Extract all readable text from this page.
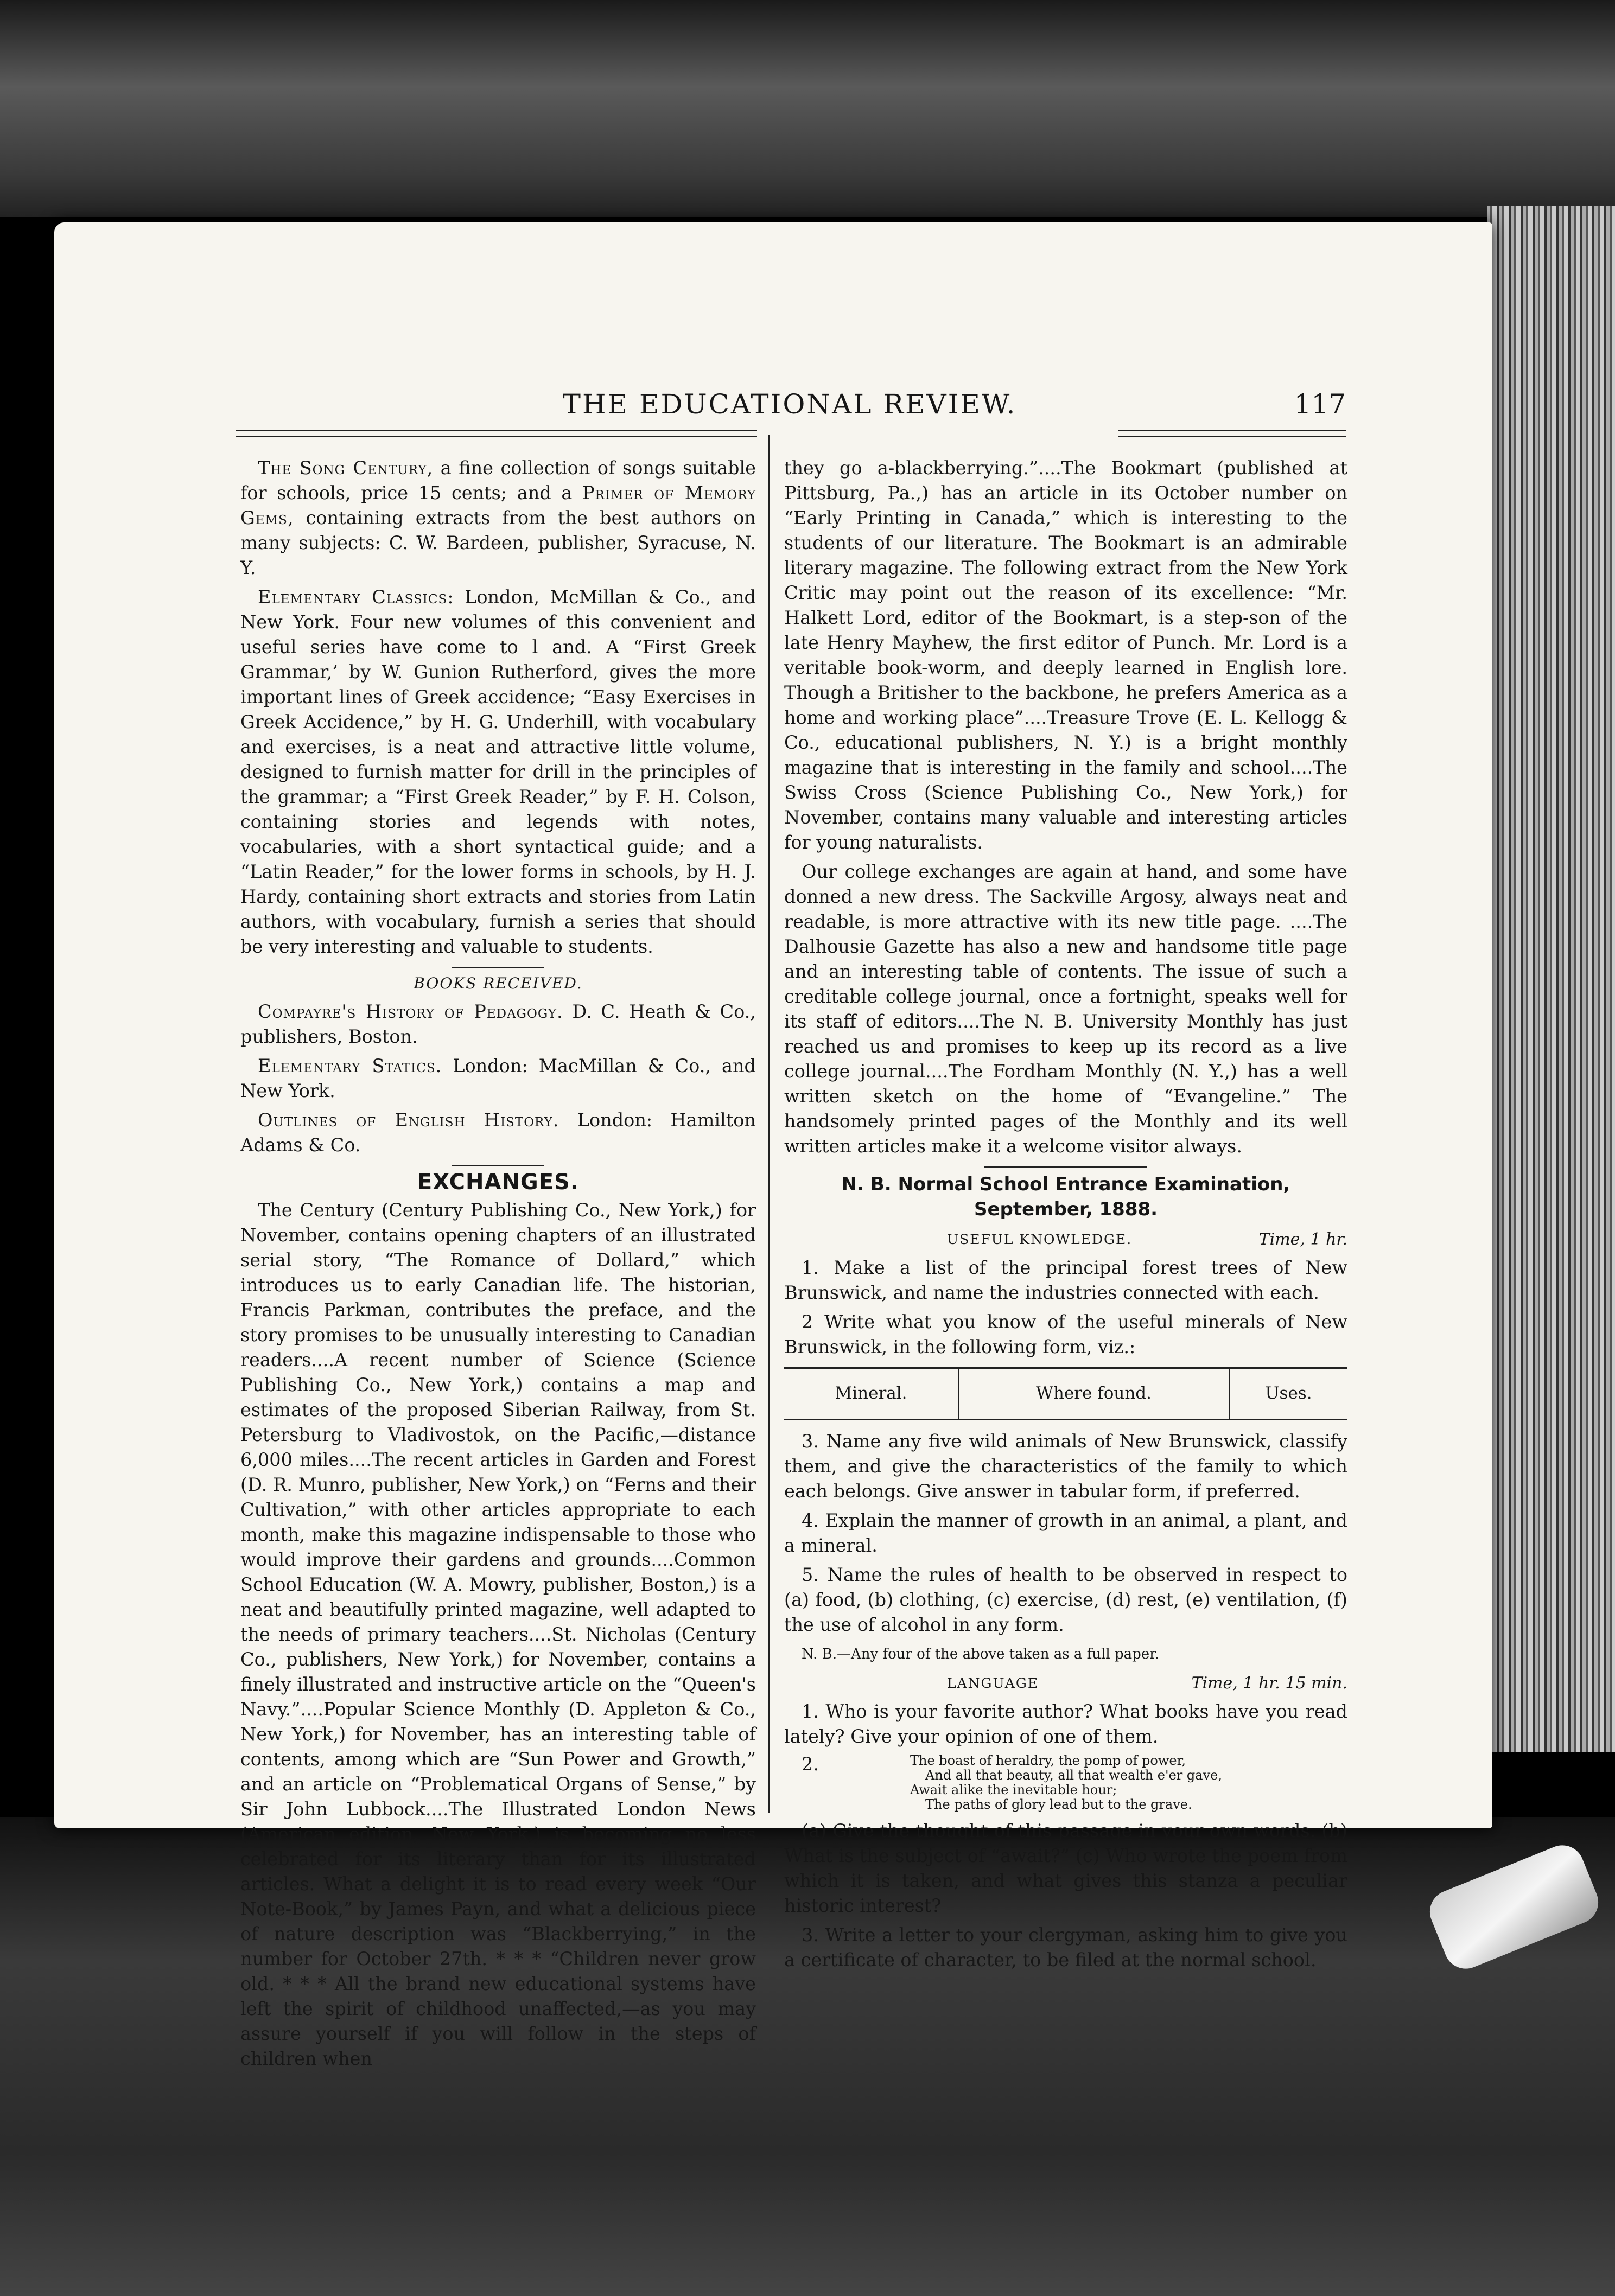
THE EDUCATIONAL REVIEW.	117

The Song Century, a fine collection of songs suitable for schools, price 15 cents; and a Primer of Memory Gems, containing extracts from the best authors on many subjects: C. W. Bardeen, publisher, Syracuse, N. Y.

Elementary Classics: London, McMillan & Co., and New York. Four new volumes of this convenient and useful series have come to l and. A “First Greek Grammar,’ by W. Gunion Rutherford, gives the more important lines of Greek accidence; “Easy Exercises in Greek Accidence,” by H. G. Underhill, with vocabulary and exercises, is a neat and attractive little volume, designed to furnish matter for drill in the principles of the grammar; a “First Greek Reader,” by F. H. Colson, containing stories and legends with notes, vocabularies, with a short syntactical guide; and a “Latin Reader,” for the lower forms in schools, by H. J. Hardy, containing short extracts and stories from Latin authors, with vocabulary, furnish a series that should be very interesting and valuable to students.

BOOKS RECEIVED.

Compayre's History of Pedagogy. D. C. Heath & Co., publishers, Boston.

Elementary Statics. London: MacMillan & Co., and New York.

Outlines of English History. London: Hamilton Adams & Co.

EXCHANGES.

The Century (Century Publishing Co., New York,) for November, contains opening chapters of an illustrated serial story, “The Romance of Dollard,” which introduces us to early Canadian life. The historian, Francis Parkman, contributes the preface, and the story promises to be unusually interesting to Canadian readers....A recent number of Science (Science Publishing Co., New York,) contains a map and estimates of the proposed Siberian Railway, from St. Petersburg to Vladivostok, on the Pacific,—distance 6,000 miles....The recent articles in Garden and Forest (D. R. Munro, publisher, New York,) on “Ferns and their Cultivation,” with other articles appropriate to each month, make this magazine indispensable to those who would improve their gardens and grounds....Common School Education (W. A. Mowry, publisher, Boston,) is a neat and beautifully printed magazine, well adapted to the needs of primary teachers....St. Nicholas (Century Co., publishers, New York,) for November, contains a finely illustrated and instructive article on the “Queen's Navy.”....Popular Science Monthly (D. Appleton & Co., New York,) for November, has an interesting table of contents, among which are “Sun Power and Growth,” and an article on “Problematical Organs of Sense,” by Sir John Lubbock....The Illustrated London News (American edition, New York,) is becoming no less celebrated for its literary than for its illustrated articles. What a delight it is to read every week “Our Note-Book,” by James Payn, and what a delicious piece of nature description was “Blackberrying,” in the number for October 27th. * * * “Children never grow old. * * * All the brand new educational systems have left the spirit of childhood unaffected,—as you may assure yourself if you will follow in the steps of children when

they go a-blackberrying.”....The Bookmart (published at Pittsburg, Pa.,) has an article in its October number on “Early Printing in Canada,” which is interesting to the students of our literature. The Bookmart is an admirable literary magazine. The following extract from the New York Critic may point out the reason of its excellence: “Mr. Halkett Lord, editor of the Bookmart, is a step-son of the late Henry Mayhew, the first editor of Punch. Mr. Lord is a veritable book-worm, and deeply learned in English lore. Though a Britisher to the backbone, he prefers America as a home and working place”....Treasure Trove (E. L. Kellogg & Co., educational publishers, N. Y.) is a bright monthly magazine that is interesting in the family and school....The Swiss Cross (Science Publishing Co., New York,) for November, contains many valuable and interesting articles for young naturalists.

Our college exchanges are again at hand, and some have donned a new dress. The Sackville Argosy, always neat and readable, is more attractive with its new title page. ....The Dalhousie Gazette has also a new and handsome title page and an interesting table of contents. The issue of such a creditable college journal, once a fortnight, speaks well for its staff of editors....The N. B. University Monthly has just reached us and promises to keep up its record as a live college journal....The Fordham Monthly (N. Y.,) has a well written sketch on the home of “Evangeline.” The handsomely printed pages of the Monthly and its well written articles make it a welcome visitor always.

N. B. Normal School Entrance Examination,
September, 1888.
USEFUL KNOWLEDGE.	Time, 1 hr.

1. Make a list of the principal forest trees of New Brunswick, and name the industries connected with each.

2 Write what you know of the useful minerals of New Brunswick, in the following form, viz.:

Mineral.	Where found.	Uses.

3. Name any five wild animals of New Brunswick, classify them, and give the characteristics of the family to which each belongs. Give answer in tabular form, if preferred.

4. Explain the manner of growth in an animal, a plant, and a mineral.

5. Name the rules of health to be observed in respect to (a) food, (b) clothing, (c) exercise, (d) rest, (e) ventilation, (f) the use of alcohol in any form.

N. B.—Any four of the above taken as a full paper.

LANGUAGE	Time, 1 hr. 15 min.

1. Who is your favorite author? What books have you read lately? Give your opinion of one of them.

2.	The boast of heraldry, the pomp of power,
And all that beauty, all that wealth e'er gave,
Await alike the inevitable hour;
The paths of glory lead but to the grave.

(a) Give the thought of this passage in your own words. (b) What is the subject of “await?” (c) Who wrote the poem from which it is taken, and what gives this stanza a peculiar historic interest?

3. Write a letter to your clergyman, asking him to give you a certificate of character, to be filed at the normal school.
